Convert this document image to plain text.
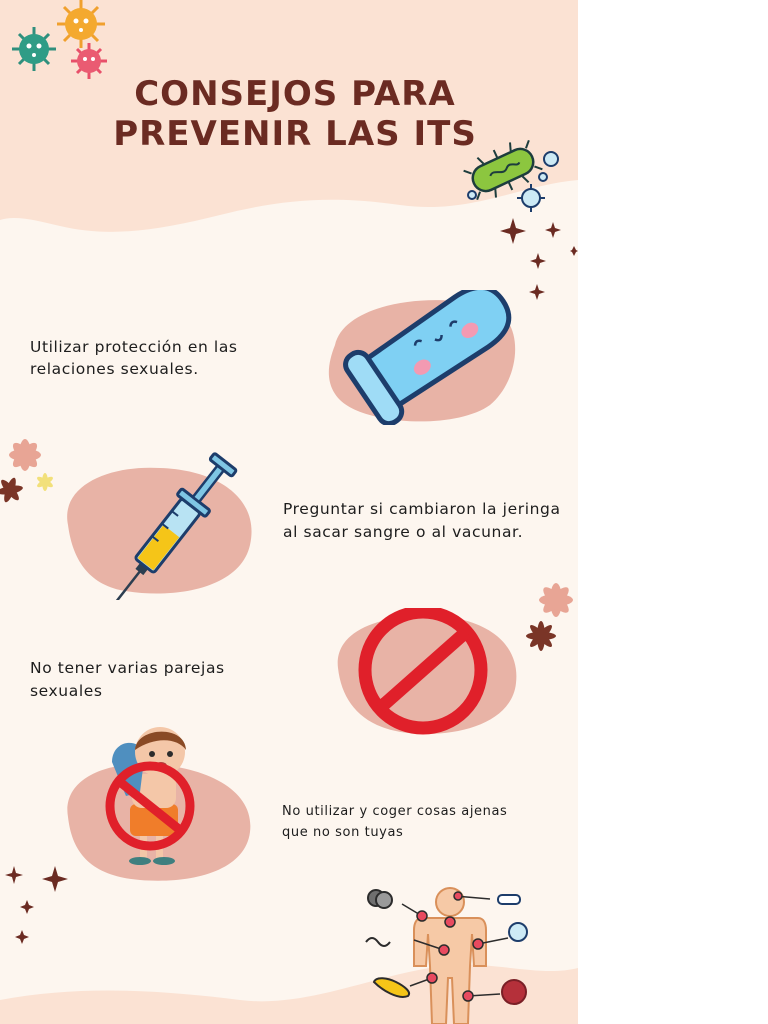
CONSEJOS PARA
PREVENIR LAS ITS

Utilizar protección en las relaciones sexuales.

Preguntar si cambiaron la jeringa al sacar sangre o al vacunar.

No tener varias parejas sexuales

No utilizar y coger cosas ajenas que no son tuyas
